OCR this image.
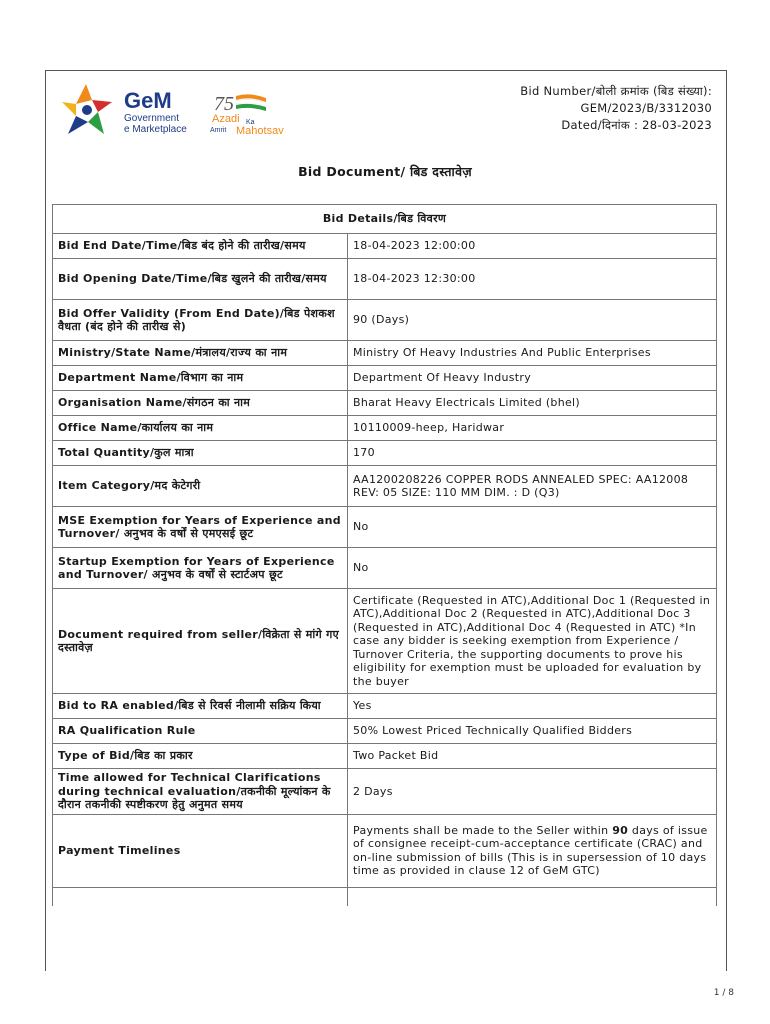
GeM
Government
e Marketplace
75
Azadi Ka
Amrit Mahotsav
Bid Number/बोली क्रमांक (बिड संख्या):
GEM/2023/B/3312030
Dated/दिनांक : 28-03-2023
Bid Document/ बिड दस्तावेज़
Bid Details/बिड विवरण	
Bid End Date/Time/बिड बंद होने की तारीख/समय	18-04-2023 12:00:00
Bid Opening Date/Time/बिड खुलने की तारीख/समय	18-04-2023 12:30:00
Bid Offer Validity (From End Date)/बिड पेशकश वैधता (बंद होने की तारीख से)	90 (Days)
Ministry/State Name/मंत्रालय/राज्य का नाम	Ministry Of Heavy Industries And Public Enterprises
Department Name/विभाग का नाम	Department Of Heavy Industry
Organisation Name/संगठन का नाम	Bharat Heavy Electricals Limited (bhel)
Office Name/कार्यालय का नाम	10110009-heep, Haridwar
Total Quantity/कुल मात्रा	170
Item Category/मद केटेगरी	AA1200208226 COPPER RODS ANNEALED SPEC: AA12008 REV: 05 SIZE: 110 MM DIM. : D (Q3)
MSE Exemption for Years of Experience and Turnover/ अनुभव के वर्षों से एमएसई छूट	No
Startup Exemption for Years of Experience and Turnover/ अनुभव के वर्षों से स्टार्टअप छूट	No
Document required from seller/विक्रेता से मांगे गए दस्तावेज़	Certificate (Requested in ATC),Additional Doc 1 (Requested in ATC),Additional Doc 2 (Requested in ATC),Additional Doc 3 (Requested in ATC),Additional Doc 4 (Requested in ATC) *In case any bidder is seeking exemption from Experience / Turnover Criteria, the supporting documents to prove his eligibility for exemption must be uploaded for evaluation by the buyer
Bid to RA enabled/बिड से रिवर्स नीलामी सक्रिय किया	Yes
RA Qualification Rule	50% Lowest Priced Technically Qualified Bidders
Type of Bid/बिड का प्रकार	Two Packet Bid
Time allowed for Technical Clarifications during technical evaluation/तकनीकी मूल्यांकन के दौरान तकनीकी स्पष्टीकरण हेतु अनुमत समय	2 Days
Payment Timelines	Payments shall be made to the Seller within 90 days of issue of consignee receipt-cum-acceptance certificate (CRAC) and on-line submission of bills (This is in supersession of 10 days time as provided in clause 12 of GeM GTC)

1 / 8
